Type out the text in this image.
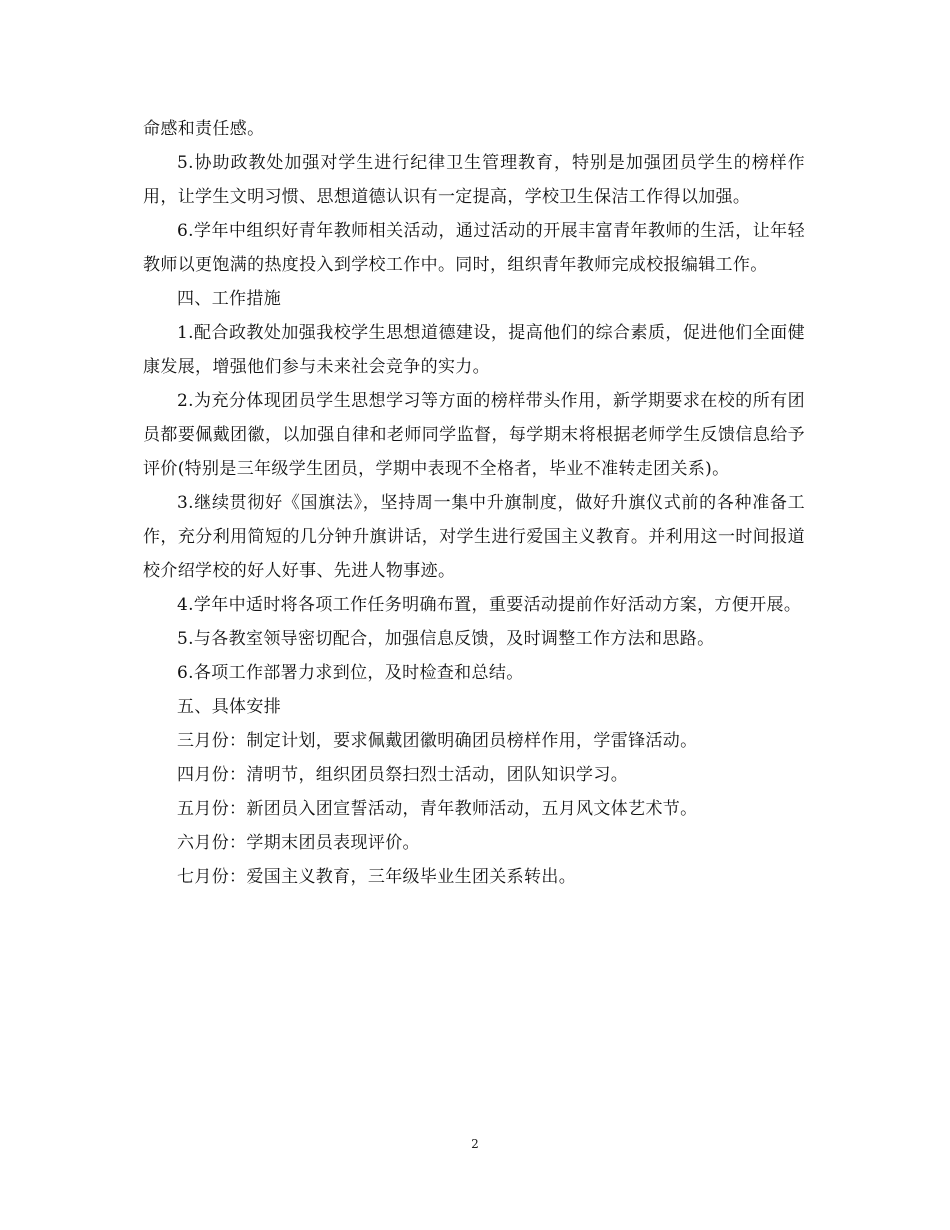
命感和责任感。

5.协助政教处加强对学生进行纪律卫生管理教育，特别是加强团员学生的榜样作用，让学生文明习惯、思想道德认识有一定提高，学校卫生保洁工作得以加强。

6.学年中组织好青年教师相关活动，通过活动的开展丰富青年教师的生活，让年轻教师以更饱满的热度投入到学校工作中。同时，组织青年教师完成校报编辑工作。

四、工作措施

1.配合政教处加强我校学生思想道德建设，提高他们的综合素质，促进他们全面健康发展，增强他们参与未来社会竞争的实力。

2.为充分体现团员学生思想学习等方面的榜样带头作用，新学期要求在校的所有团员都要佩戴团徽，以加强自律和老师同学监督，每学期末将根据老师学生反馈信息给予评价(特别是三年级学生团员，学期中表现不全格者，毕业不准转走团关系)。

3.继续贯彻好《国旗法》，坚持周一集中升旗制度，做好升旗仪式前的各种准备工作，充分利用简短的几分钟升旗讲话，对学生进行爱国主义教育。并利用这一时间报道校介绍学校的好人好事、先进人物事迹。

4.学年中适时将各项工作任务明确布置，重要活动提前作好活动方案，方便开展。

5.与各教室领导密切配合，加强信息反馈，及时调整工作方法和思路。

6.各项工作部署力求到位，及时检查和总结。

五、具体安排

三月份：制定计划，要求佩戴团徽明确团员榜样作用，学雷锋活动。

四月份：清明节，组织团员祭扫烈士活动，团队知识学习。

五月份：新团员入团宣誓活动，青年教师活动，五月风文体艺术节。

六月份：学期末团员表现评价。

七月份：爱国主义教育，三年级毕业生团关系转出。

2
